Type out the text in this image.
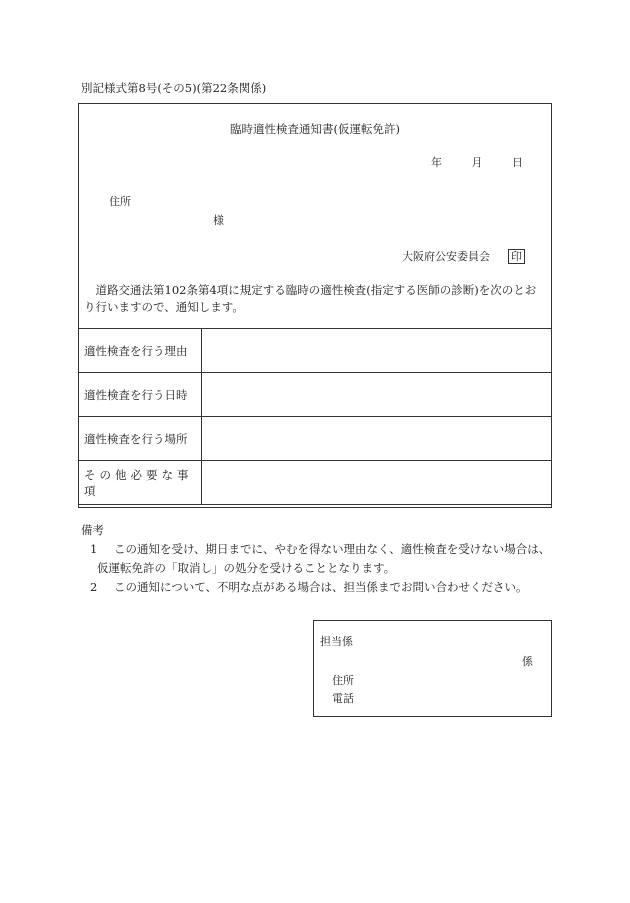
別記様式第8号(その5)(第22条関係)
臨時適性検査通知書(仮運転免許)
年	月	日
住所
様
大阪府公安委員会 印
道路交通法第102条第4項に規定する臨時の適性検査(指定する医師の診断)を次のとおり行いますので、通知します。
適性検査を行う理由	
適性検査を行う日時	
適性検査を行う場所	
その他必要な事項	
備考
1 この通知を受け、期日までに、やむを得ない理由なく、適性検査を受けない場合は、
仮運転免許の「取消し」の処分を受けることとなります。
2 この通知について、不明な点がある場合は、担当係までお問い合わせください。
担当係
係
住所
電話
